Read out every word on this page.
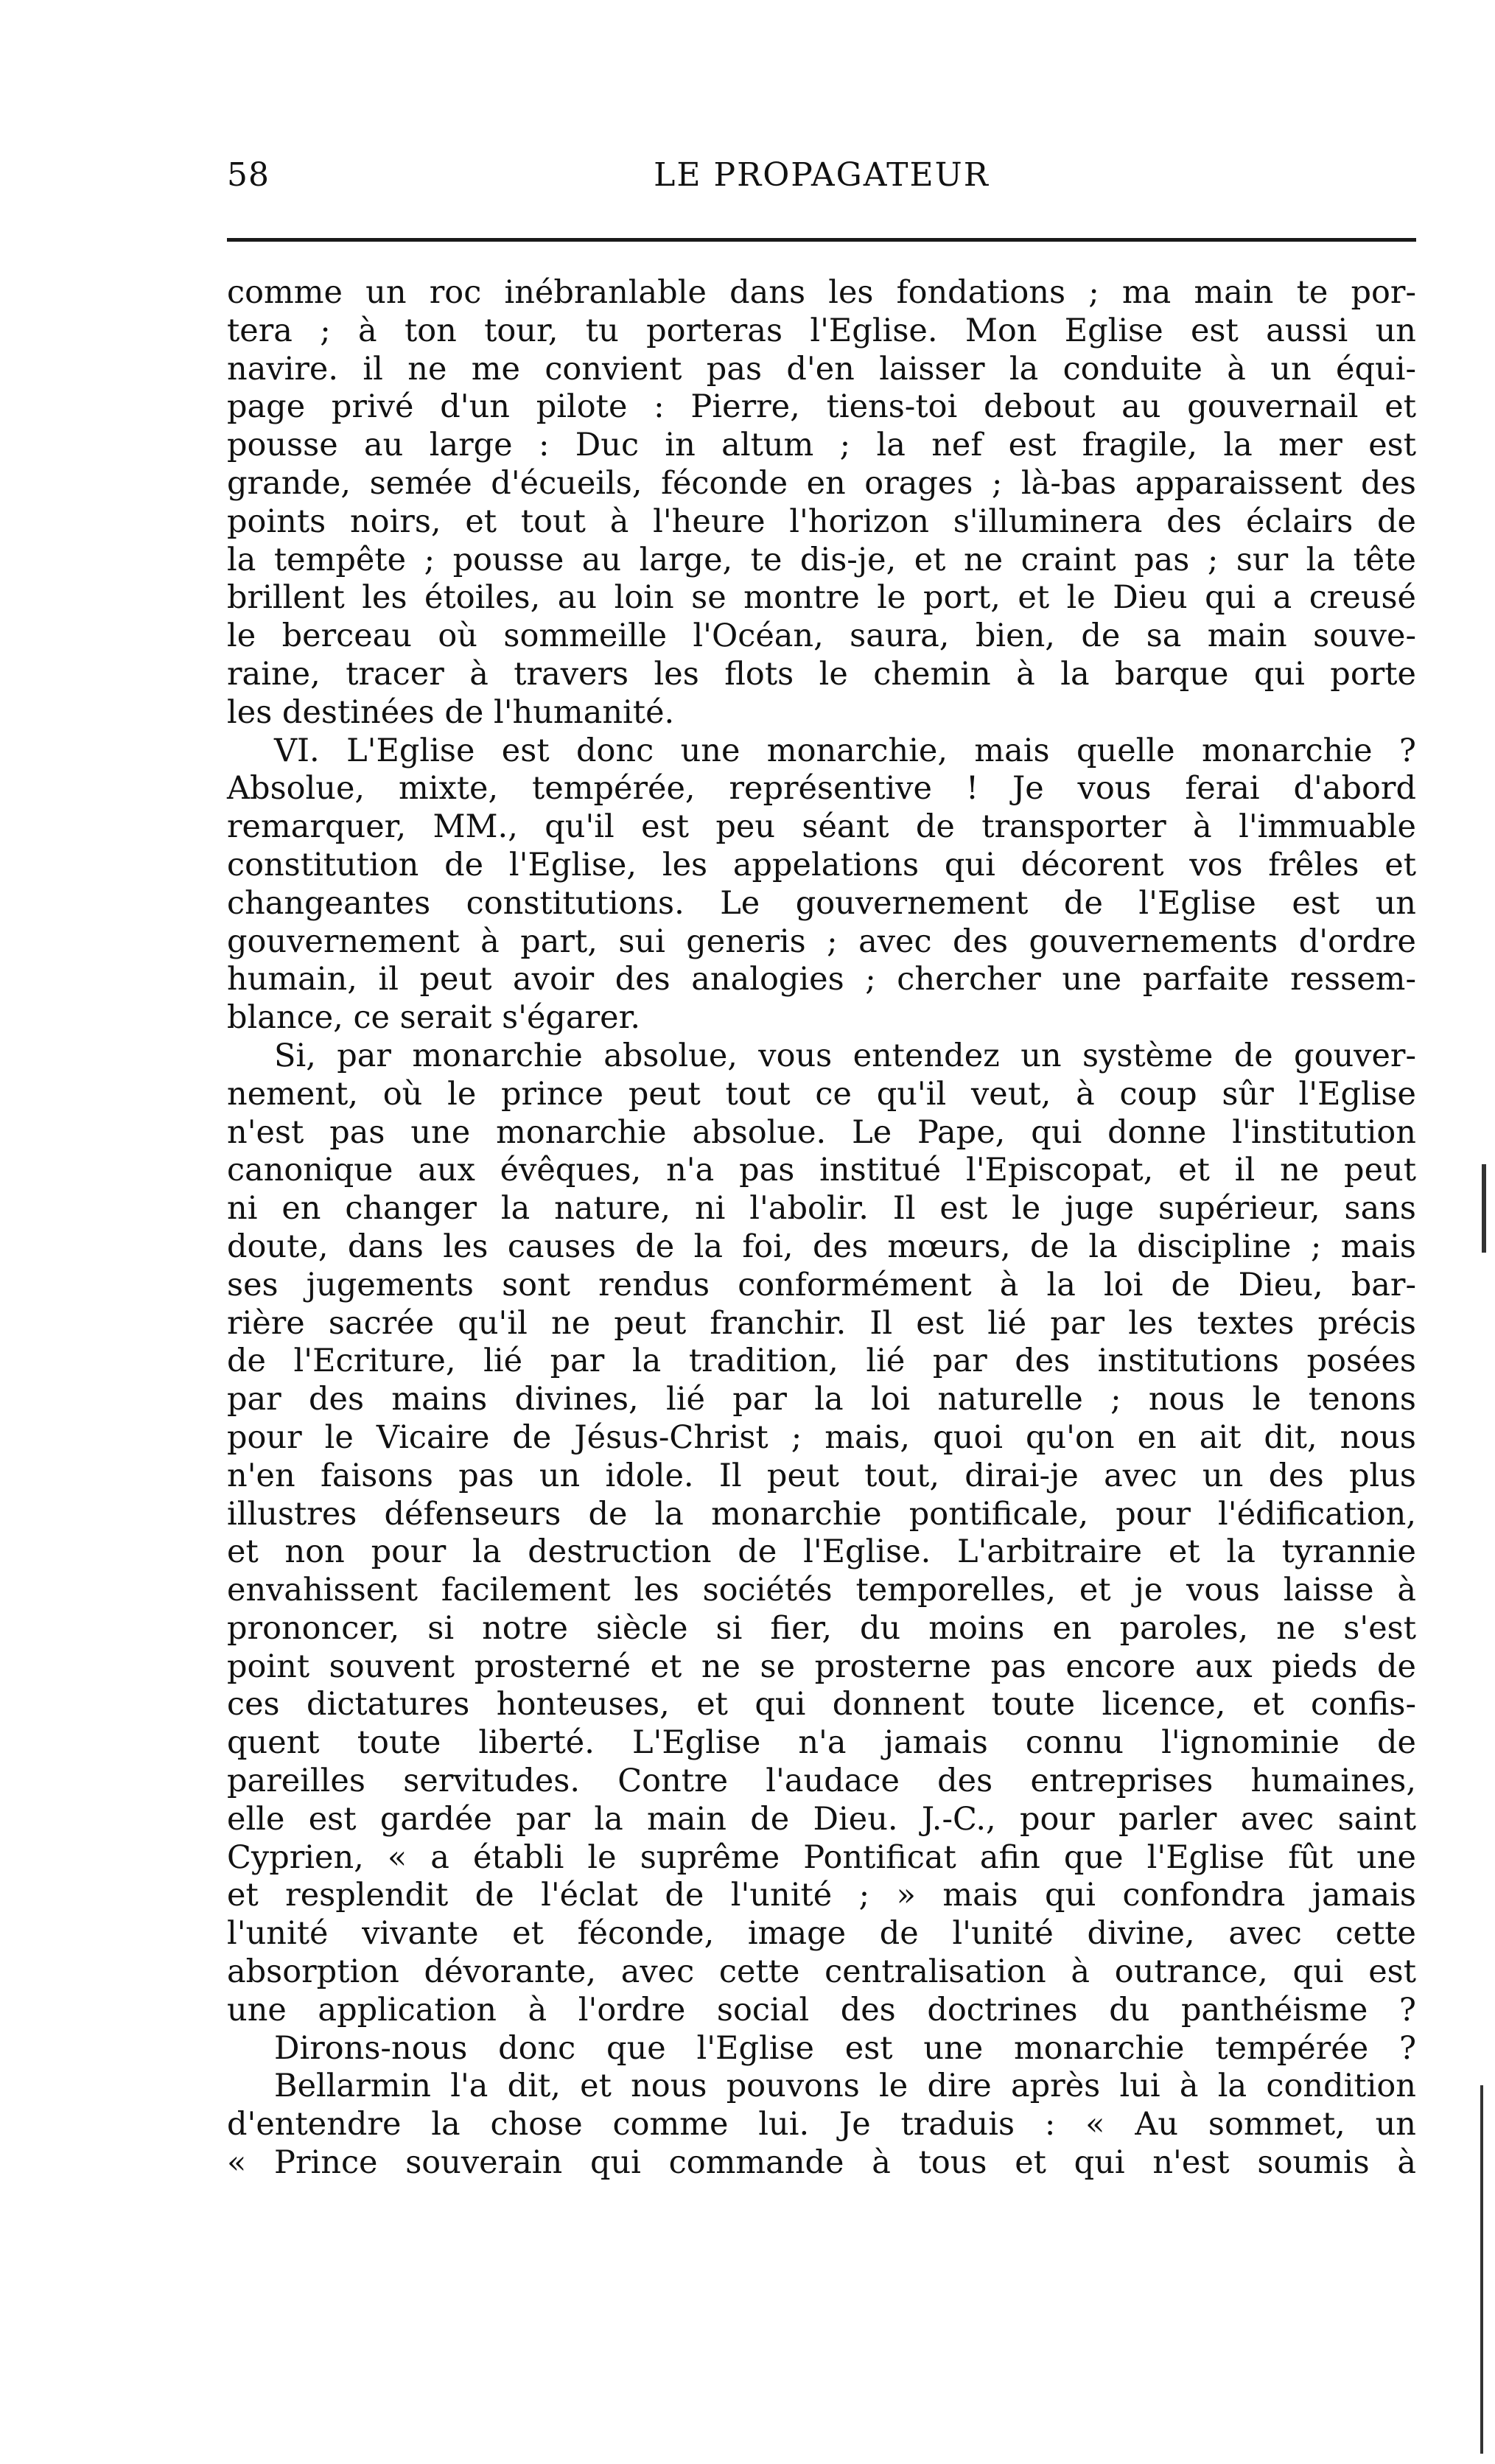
58	LE PROPAGATEUR
comme un roc inébranlable dans les fondations ; ma main te por-
tera ; à ton tour, tu porteras l'Eglise. Mon Eglise est aussi un
navire. il ne me convient pas d'en laisser la conduite à un équi-
page privé d'un pilote : Pierre, tiens-toi debout au gouvernail et
pousse au large : Duc in altum ; la nef est fragile, la mer est
grande, semée d'écueils, féconde en orages ; là-bas apparaissent des
points noirs, et tout à l'heure l'horizon s'illuminera des éclairs de
la tempête ; pousse au large, te dis-je, et ne craint pas ; sur la tête
brillent les étoiles, au loin se montre le port, et le Dieu qui a creusé
le berceau où sommeille l'Océan, saura, bien, de sa main souve-
raine, tracer à travers les flots le chemin à la barque qui porte
les destinées de l'humanité.
VI. L'Eglise est donc une monarchie, mais quelle monarchie ?
Absolue, mixte, tempérée, représentive ! Je vous ferai d'abord
remarquer, MM., qu'il est peu séant de transporter à l'immuable
constitution de l'Eglise, les appelations qui décorent vos frêles et
changeantes constitutions. Le gouvernement de l'Eglise est un
gouvernement à part, sui generis ; avec des gouvernements d'ordre
humain, il peut avoir des analogies ; chercher une parfaite ressem-
blance, ce serait s'égarer.
Si, par monarchie absolue, vous entendez un système de gouver-
nement, où le prince peut tout ce qu'il veut, à coup sûr l'Eglise
n'est pas une monarchie absolue. Le Pape, qui donne l'institution
canonique aux évêques, n'a pas institué l'Episcopat, et il ne peut
ni en changer la nature, ni l'abolir. Il est le juge supérieur, sans
doute, dans les causes de la foi, des mœurs, de la discipline ; mais
ses jugements sont rendus conformément à la loi de Dieu, bar-
rière sacrée qu'il ne peut franchir. Il est lié par les textes précis
de l'Ecriture, lié par la tradition, lié par des institutions posées
par des mains divines, lié par la loi naturelle ; nous le tenons
pour le Vicaire de Jésus-Christ ; mais, quoi qu'on en ait dit, nous
n'en faisons pas un idole. Il peut tout, dirai-je avec un des plus
illustres défenseurs de la monarchie pontificale, pour l'édification,
et non pour la destruction de l'Eglise. L'arbitraire et la tyrannie
envahissent facilement les sociétés temporelles, et je vous laisse à
prononcer, si notre siècle si fier, du moins en paroles, ne s'est
point souvent prosterné et ne se prosterne pas encore aux pieds de
ces dictatures honteuses, et qui donnent toute licence, et confis-
quent toute liberté. L'Eglise n'a jamais connu l'ignominie de
pareilles servitudes. Contre l'audace des entreprises humaines,
elle est gardée par la main de Dieu. J.-C., pour parler avec saint
Cyprien, « a établi le suprême Pontificat afin que l'Eglise fût une
et resplendit de l'éclat de l'unité ; » mais qui confondra jamais
l'unité vivante et féconde, image de l'unité divine, avec cette
absorption dévorante, avec cette centralisation à outrance, qui est
une application à l'ordre social des doctrines du panthéisme ?
Dirons-nous donc que l'Eglise est une monarchie tempérée ?
Bellarmin l'a dit, et nous pouvons le dire après lui à la condition
d'entendre la chose comme lui. Je traduis : « Au sommet, un
« Prince souverain qui commande à tous et qui n'est soumis à
